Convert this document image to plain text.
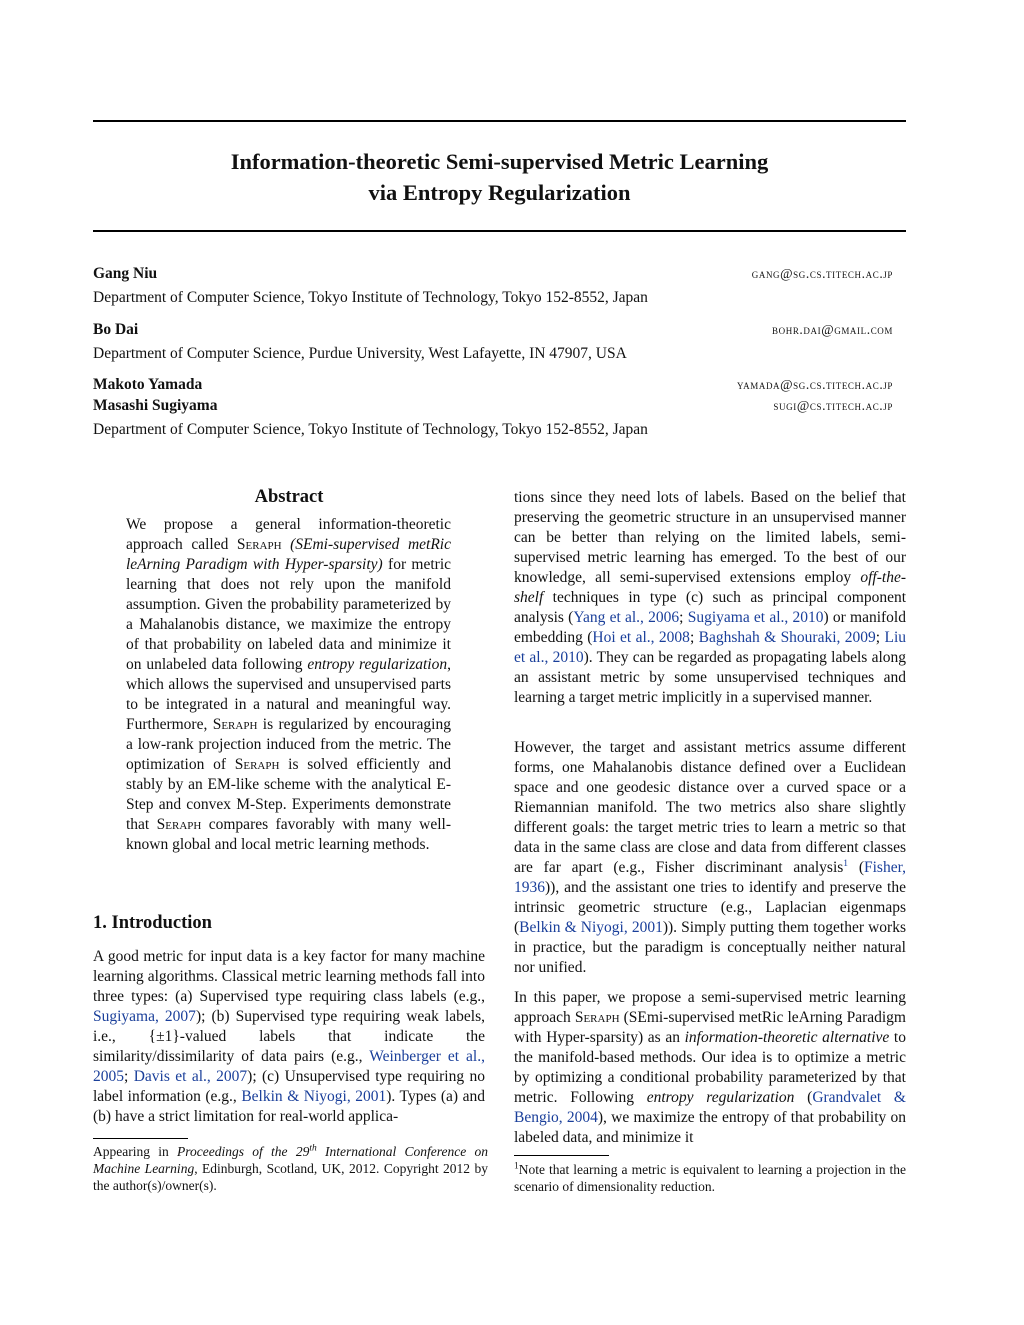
Information-theoretic Semi-supervised Metric Learning
via Entropy Regularization
Gang Niu	gang@sg.cs.titech.ac.jp
Department of Computer Science, Tokyo Institute of Technology, Tokyo 152-8552, Japan
Bo Dai	bohr.dai@gmail.com
Department of Computer Science, Purdue University, West Lafayette, IN 47907, USA
Makoto Yamada	yamada@sg.cs.titech.ac.jp
Masashi Sugiyama	sugi@cs.titech.ac.jp
Department of Computer Science, Tokyo Institute of Technology, Tokyo 152-8552, Japan
Abstract
We propose a general information-theoretic approach called Seraph (SEmi-supervised metRic leArning Paradigm with Hyper-sparsity) for metric learning that does not rely upon the manifold assumption. Given the probability parameterized by a Mahalanobis distance, we maximize the entropy of that probability on labeled data and minimize it on unlabeled data following entropy regularization, which allows the supervised and unsupervised parts to be integrated in a natural and meaningful way. Furthermore, Seraph is regularized by encouraging a low-rank projection induced from the metric. The optimization of Seraph is solved efficiently and stably by an EM-like scheme with the analytical E-Step and convex M-Step. Experiments demonstrate that Seraph compares favorably with many well-known global and local metric learning methods.
1. Introduction
A good metric for input data is a key factor for many machine learning algorithms. Classical metric learning methods fall into three types: (a) Supervised type requiring class labels (e.g., Sugiyama, 2007); (b) Supervised type requiring weak labels, i.e., {±1}-valued labels that indicate the similarity/dissimilarity of data pairs (e.g., Weinberger et al., 2005; Davis et al., 2007); (c) Unsupervised type requiring no label information (e.g., Belkin & Niyogi, 2001). Types (a) and (b) have a strict limitation for real-world applica-
Appearing in Proceedings of the 29th International Conference on Machine Learning, Edinburgh, Scotland, UK, 2012. Copyright 2012 by the author(s)/owner(s).
tions since they need lots of labels. Based on the belief that preserving the geometric structure in an unsupervised manner can be better than relying on the limited labels, semi-supervised metric learning has emerged. To the best of our knowledge, all semi-supervised extensions employ off-the-shelf techniques in type (c) such as principal component analysis (Yang et al., 2006; Sugiyama et al., 2010) or manifold embedding (Hoi et al., 2008; Baghshah & Shouraki, 2009; Liu et al., 2010). They can be regarded as propagating labels along an assistant metric by some unsupervised techniques and learning a target metric implicitly in a supervised manner.
However, the target and assistant metrics assume different forms, one Mahalanobis distance defined over a Euclidean space and one geodesic distance over a curved space or a Riemannian manifold. The two metrics also share slightly different goals: the target metric tries to learn a metric so that data in the same class are close and data from different classes are far apart (e.g., Fisher discriminant analysis$^1$ (Fisher, 1936)), and the assistant one tries to identify and preserve the intrinsic geometric structure (e.g., Laplacian eigenmaps (Belkin & Niyogi, 2001)). Simply putting them together works in practice, but the paradigm is conceptually neither natural nor unified.
In this paper, we propose a semi-supervised metric learning approach Seraph (SEmi-supervised metRic leArning Paradigm with Hyper-sparsity) as an information-theoretic alternative to the manifold-based methods. Our idea is to optimize a metric by optimizing a conditional probability parameterized by that metric. Following entropy regularization (Grandvalet & Bengio, 2004), we maximize the entropy of that probability on labeled data, and minimize it
$^1$Note that learning a metric is equivalent to learning a projection in the scenario of dimensionality reduction.
